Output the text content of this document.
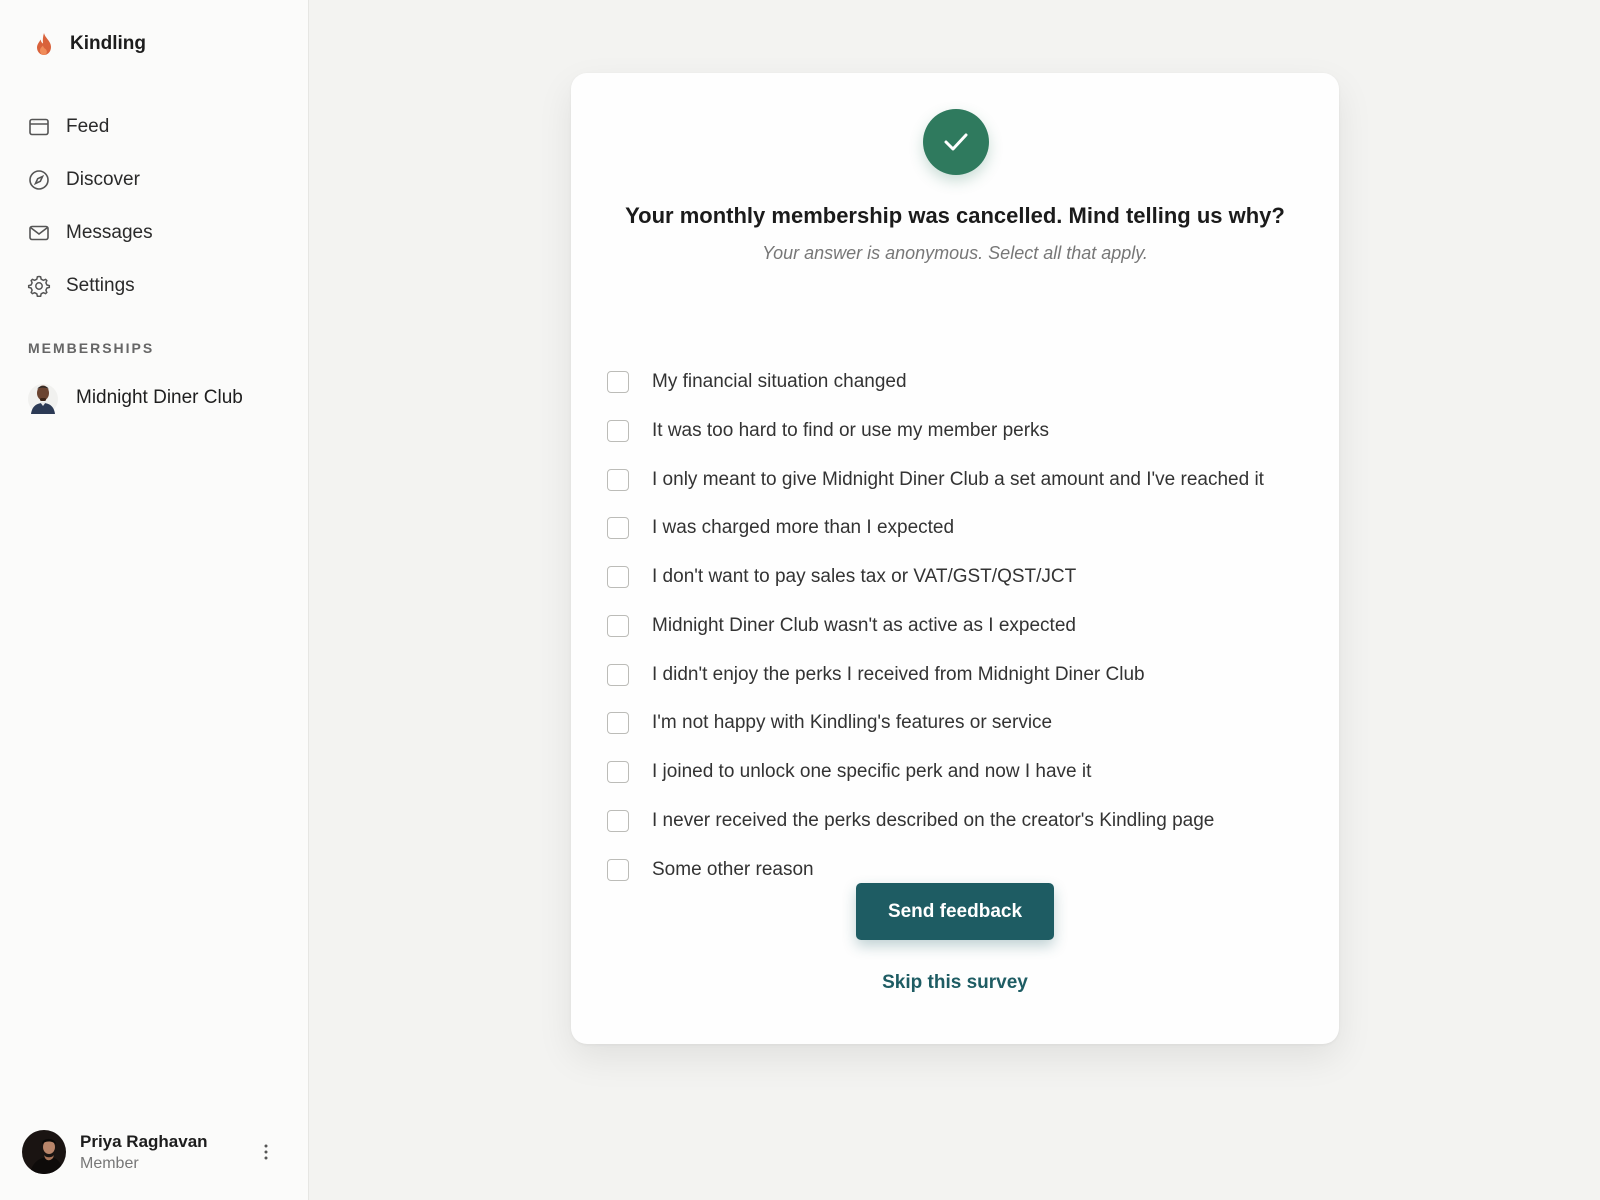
Kindling
Feed
Discover
Messages
Settings
MEMBERSHIPS
Midnight Diner Club
Priya Raghavan
Member
Your monthly membership was cancelled. Mind telling us why?

Your answer is anonymous. Select all that apply.

My financial situation changed
It was too hard to find or use my member perks
I only meant to give Midnight Diner Club a set amount and I've reached it
I was charged more than I expected
I don't want to pay sales tax or VAT/GST/QST/JCT
Midnight Diner Club wasn't as active as I expected
I didn't enjoy the perks I received from Midnight Diner Club
I'm not happy with Kindling's features or service
I joined to unlock one specific perk and now I have it
I never received the perks described on the creator's Kindling page
Some other reason
Send feedback
Skip this survey
